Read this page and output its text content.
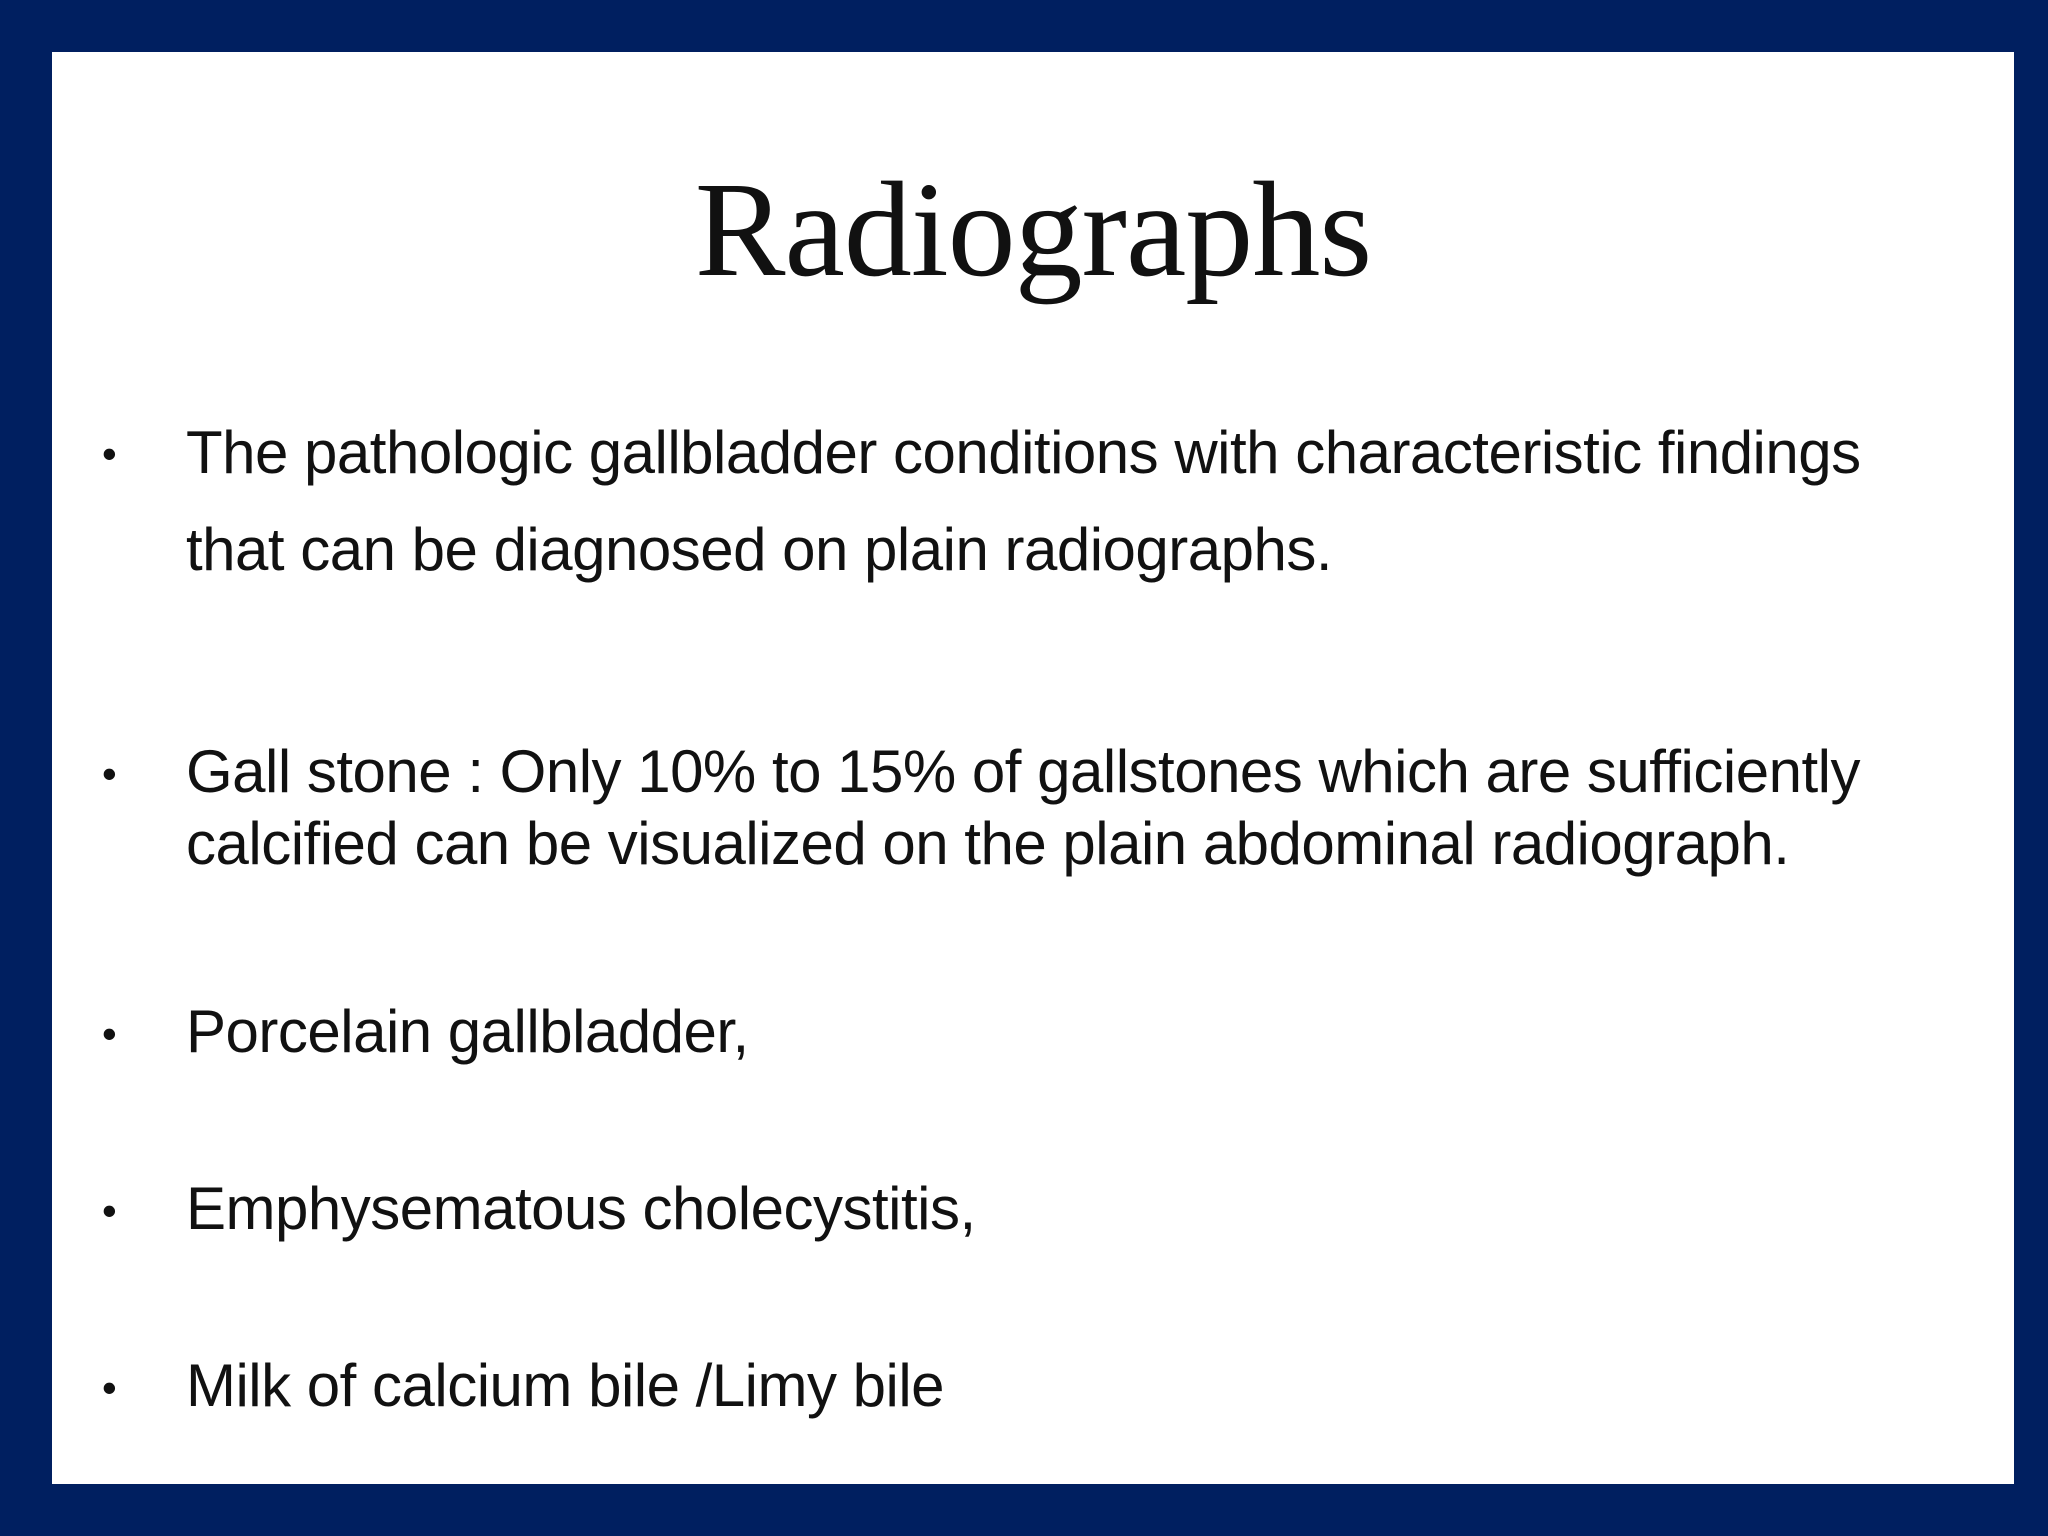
Radiographs
• The pathologic gallbladder conditions with characteristic findings
that can be diagnosed on plain radiographs.

• Gall stone : Only 10% to 15% of gallstones which are sufficiently
calcified can be visualized on the plain abdominal radiograph.

• Porcelain gallbladder,

• Emphysematous cholecystitis,

• Milk of calcium bile /Limy bile
